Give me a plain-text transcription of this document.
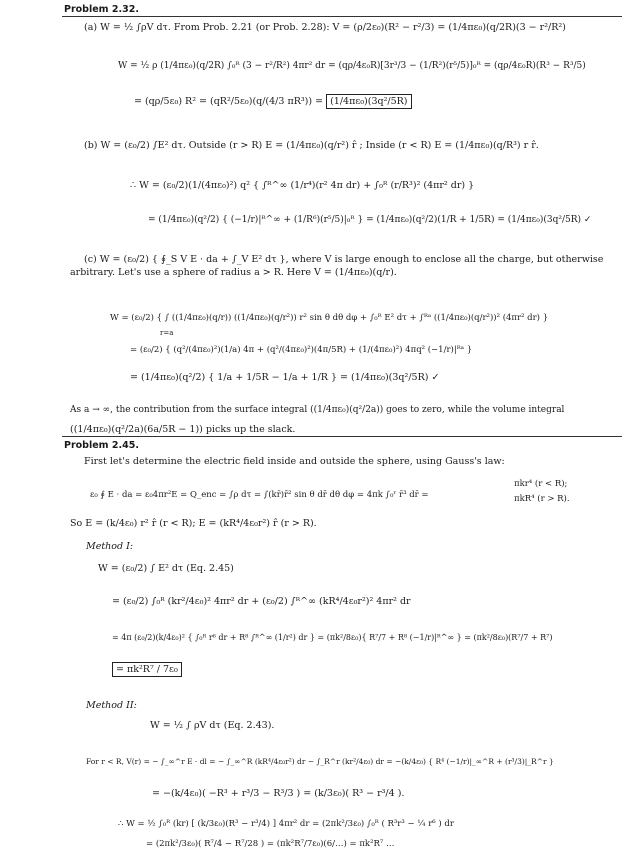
Problem 2.32.
(a) W = ½ ∫ρV dτ. From Prob. 2.21 (or Prob. 2.28): V = (ρ/2ε₀)(R² − r²/3) = (1/4πε₀)(q/2R)(3 − r²/R²)
W = ½ ρ (1/4πε₀)(q/2R) ∫₀ᴿ (3 − r²/R²) 4πr² dr = (qρ/4ε₀R)[3r³/3 − (1/R²)(r⁵/5)]₀ᴿ = (qρ/4ε₀R)(R³ − R³/5)
= (qρ/5ε₀) R² = (qR²/5ε₀)(q/(4/3 πR³)) = (1/4πε₀)(3q²/5R)
(b) W = (ε₀/2) ∫E² dτ. Outside (r > R) E = (1/4πε₀)(q/r²) r̂ ; Inside (r < R) E = (1/4πε₀)(q/R³) r r̂.
∴ W = (ε₀/2)(1/(4πε₀)²) q² { ∫ᴿ^∞ (1/r⁴)(r² 4π dr) + ∫₀ᴿ (r/R³)² (4πr² dr) }
= (1/4πε₀)(q²/2) { (−1/r)|ᴿ^∞ + (1/R⁶)(r⁵/5)|₀ᴿ } = (1/4πε₀)(q²/2)(1/R + 1/5R) = (1/4πε₀)(3q²/5R) ✓
(c) W = (ε₀/2) { ∮_S V E · da + ∫_V E² dτ }, where V is large enough to enclose all the charge, but otherwise
arbitrary. Let's use a sphere of radius a > R. Here V = (1/4πε₀)(q/r).
W = (ε₀/2) { ∫ ((1/4πε₀)(q/r)) ((1/4πε₀)(q/r²)) r² sin θ dθ dφ + ∫₀ᴿ E² dτ + ∫ᴿᵃ ((1/4πε₀)(q/r²))² (4πr² dr) }
r=a
= (ε₀/2) { (q²/(4πε₀)²)(1/a) 4π + (q²/(4πε₀)²)(4π/5R) + (1/(4πε₀)²) 4πq² (−1/r)|ᴿᵃ }
= (1/4πε₀)(q²/2) { 1/a + 1/5R − 1/a + 1/R } = (1/4πε₀)(3q²/5R) ✓
As a → ∞, the contribution from the surface integral ((1/4πε₀)(q²/2a)) goes to zero, while the volume integral
((1/4πε₀)(q²/2a)(6a/5R − 1)) picks up the slack.
Problem 2.45.
First let's determine the electric field inside and outside the sphere, using Gauss's law:
ε₀ ∮ E · da = ε₀4πr²E = Q_enc = ∫ρ dτ = ∫(kr̄)r̄² sin θ dr̄ dθ dφ = 4πk ∫₀ʳ r̄³ dr̄ =
πkr⁴ (r < R);
πkR⁴ (r > R).
So E = (k/4ε₀) r² r̂ (r < R); E = (kR⁴/4ε₀r²) r̂ (r > R).
Method I:
W = (ε₀/2) ∫ E² dτ (Eq. 2.45)
= (ε₀/2) ∫₀ᴿ (kr²/4ε₀)² 4πr² dr + (ε₀/2) ∫ᴿ^∞ (kR⁴/4ε₀r²)² 4πr² dr
= 4π (ε₀/2)(k/4ε₀)² { ∫₀ᴿ r⁶ dr + R⁸ ∫ᴿ^∞ (1/r²) dr } = (πk²/8ε₀){ R⁷/7 + R⁸ (−1/r)|ᴿ^∞ } = (πk²/8ε₀)(R⁷/7 + R⁷)
= πk²R⁷ / 7ε₀
Method II:
W = ½ ∫ ρV dτ (Eq. 2.43).
For r < R, V(r) = − ∫_∞^r E · dl = − ∫_∞^R (kR⁴/4ε₀r²) dr − ∫_R^r (kr²/4ε₀) dr = −(k/4ε₀) { R⁴ (−1/r)|_∞^R + (r³/3)|_R^r }
= −(k/4ε₀)( −R³ + r³/3 − R³/3 ) = (k/3ε₀)( R³ − r³/4 ).
∴ W = ½ ∫₀ᴿ (kr) [ (k/3ε₀)(R³ − r³/4) ] 4πr² dr = (2πk²/3ε₀) ∫₀ᴿ ( R³r³ − ¼ r⁶ ) dr
= (2πk²/3ε₀)( R⁷/4 − R⁷/28 ) = (πk²R⁷/7ε₀)(6/…) = πk²R⁷ …
